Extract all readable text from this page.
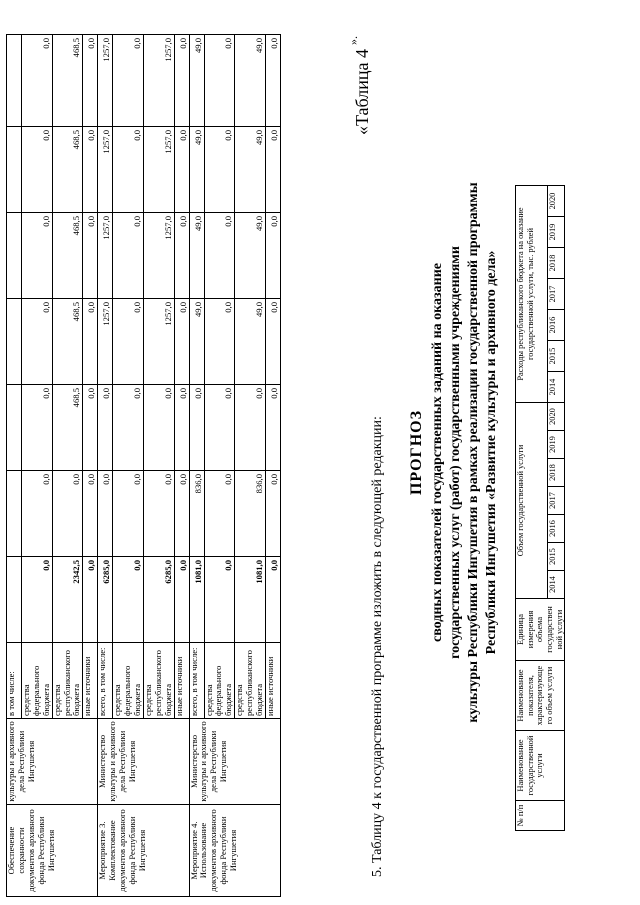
Обеспечение сохранности документов архивного фонда Республики Ингушетия	культуры и архивного дела Республики Ингушетия	в том числе:							
		средства федерального бюджета	0,0	0,0	0,0	0,0	0,0	0,0	0,0
		средства республиканского бюджета	2342,5	0,0	468,5	468,5	468,5	468,5	468,5
		иные источники	0,0	0,0	0,0	0,0	0,0	0,0	0,0
Мероприятие 3. Комплектование документов архивного фонда Республики Ингушетия	Министерство культуры и архивного дела Республики Ингушетия	всего, в том числе:	6285,0	0,0	0,0	1257,0	1257,0	1257,0	1257,0
		средства федерального бюджета	0,0	0,0	0,0	0,0	0,0	0,0	0,0
		средства республиканского бюджета	6285,0	0,0	0,0	1257,0	1257,0	1257,0	1257,0
		иные источники	0,0	0,0	0,0	0,0	0,0	0,0	0,0
Мероприятие 4. Использование документов архивного фонда Республики Ингушетия	Министерство культуры и архивного дела Республики Ингушетия	всего, в том числе:	1081,0	836,0	0,0	49,0	49,0	49,0	49,0
		средства федерального бюджета	0,0	0,0	0,0	0,0	0,0	0,0	0,0
		средства республиканского бюджета	1081,0	836,0	0,0	49,0	49,0	49,0	49,0
		иные источники	0,0	0,0	0,0	0,0	0,0	0,0	0,0	».
«Таблица 4
5. Таблицу 4 к государственной программе изложить в следующей редакции: ПРОГНОЗ сводных показателей государственных заданий на оказание государственных услуг (работ) государственными учреждениями культуры Республики Ингушетия в рамках реализации государственной программы Республики Ингушетия «Развитие культуры и архивного дела»
№ п/п	Наименование государственной услуги	Наименование показателя, характеризующе го объем услуги	Единица измерения объема государствен ной услуги	Объем государственной услуги							Расходы республиканского бюджета на оказание государственной услуги, тыс. рублей						
				2014	2015	2016	2017	2018	2019	2020	2014	2015	2016	2017	2018	2019	2020
